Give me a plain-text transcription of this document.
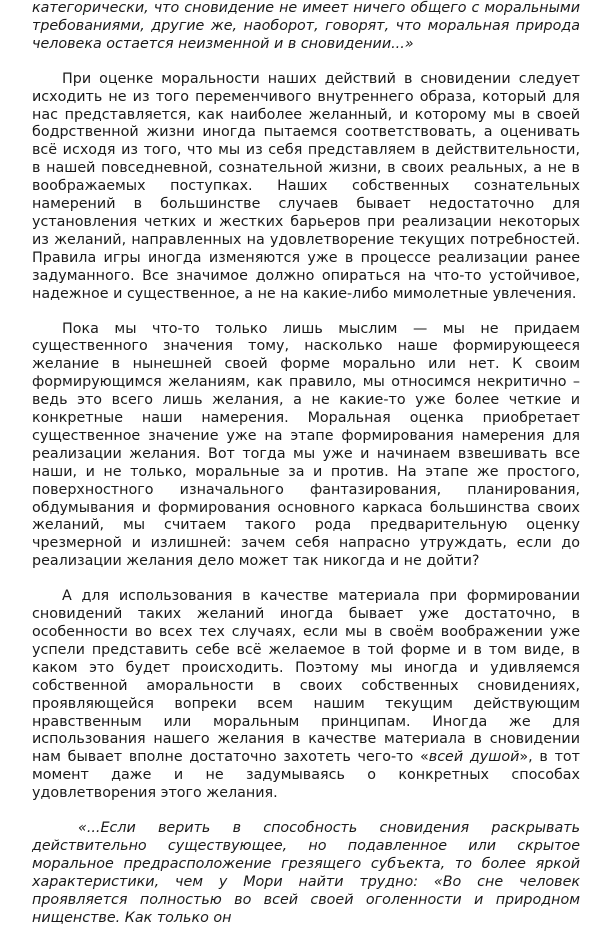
категорически, что сновидение не имеет ничего общего с моральными требованиями, другие же, наоборот, говорят, что моральная природа человека остается неизменной и в сновидении...»

При оценке моральности наших действий в сновидении следует исходить не из того переменчивого внутреннего образа, который для нас представляется, как наиболее желанный, и которому мы в своей бодрственной жизни иногда пытаемся соответствовать, а оценивать всё исходя из того, что мы из себя представляем в действительности, в нашей повседневной, сознательной жизни, в своих реальных, а не в воображаемых поступках. Наших собственных сознательных намерений в большинстве случаев бывает недостаточно для установления четких и жестких барьеров при реализации некоторых из желаний, направленных на удовлетворение текущих потребностей. Правила игры иногда изменяются уже в процессе реализации ранее задуманного. Все значимое должно опираться на что-то устойчивое, надежное и существенное, а не на какие-либо мимолетные увлечения.

Пока мы что-то только лишь мыслим — мы не придаем существенного значения тому, насколько наше формирующееся желание в нынешней своей форме морально или нет. К своим формирующимся желаниям, как правило, мы относимся некритично – ведь это всего лишь желания, а не какие-то уже более четкие и конкретные наши намерения. Моральная оценка приобретает существенное значение уже на этапе формирования намерения для реализации желания. Вот тогда мы уже и начинаем взвешивать все наши, и не только, моральные за и против. На этапе же простого, поверхностного изначального фантазирования, планирования, обдумывания и формирования основного каркаса большинства своих желаний, мы считаем такого рода предварительную оценку чрезмерной и излишней: зачем себя напрасно утруждать, если до реализации желания дело может так никогда и не дойти?

А для использования в качестве материала при формировании сновидений таких желаний иногда бывает уже достаточно, в особенности во всех тех случаях, если мы в своём воображении уже успели представить себе всё желаемое в той форме и в том виде, в каком это будет происходить. Поэтому мы иногда и удивляемся собственной аморальности в своих собственных сновидениях, проявляющейся вопреки всем нашим текущим действующим нравственным или моральным принципам. Иногда же для использования нашего желания в качестве материала в сновидении нам бывает вполне достаточно захотеть чего-то «всей душой», в тот момент даже и не задумываясь о конкретных способах удовлетворения этого желания.

«...Если верить в способность сновидения раскрывать действительно существующее, но подавленное или скрытое моральное предрасположение грезящего субъекта, то более яркой характеристики, чем у Мори найти трудно: «Во сне человек проявляется полностью во всей своей оголенности и природном нищенстве. Как только он
